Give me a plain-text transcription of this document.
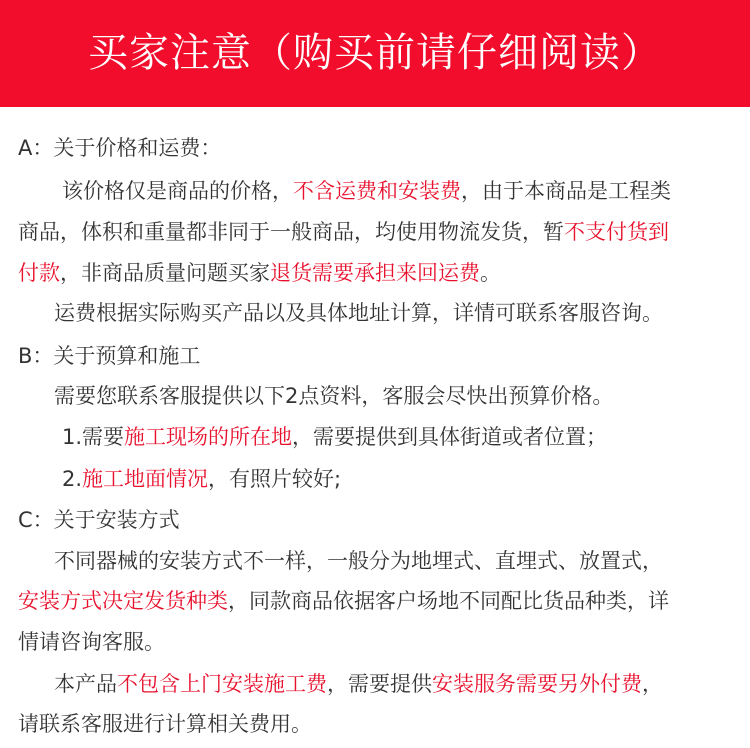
买家注意（购买前请仔细阅读）
A：关于价格和运费：
该价格仅是商品的价格，不含运费和安装费，由于本商品是工程类
商品，体积和重量都非同于一般商品，均使用物流发货，暂不支付货到
付款，非商品质量问题买家退货需要承担来回运费。
运费根据实际购买产品以及具体地址计算，详情可联系客服咨询。
B：关于预算和施工
需要您联系客服提供以下2点资料，客服会尽快出预算价格。
1.需要施工现场的所在地，需要提供到具体街道或者位置；
2.施工地面情况，有照片较好;
C：关于安装方式
不同器械的安装方式不一样，一般分为地埋式、直埋式、放置式，
安装方式决定发货种类，同款商品依据客户场地不同配比货品种类，详
情请咨询客服。
本产品不包含上门安装施工费，需要提供安装服务需要另外付费，
请联系客服进行计算相关费用。
